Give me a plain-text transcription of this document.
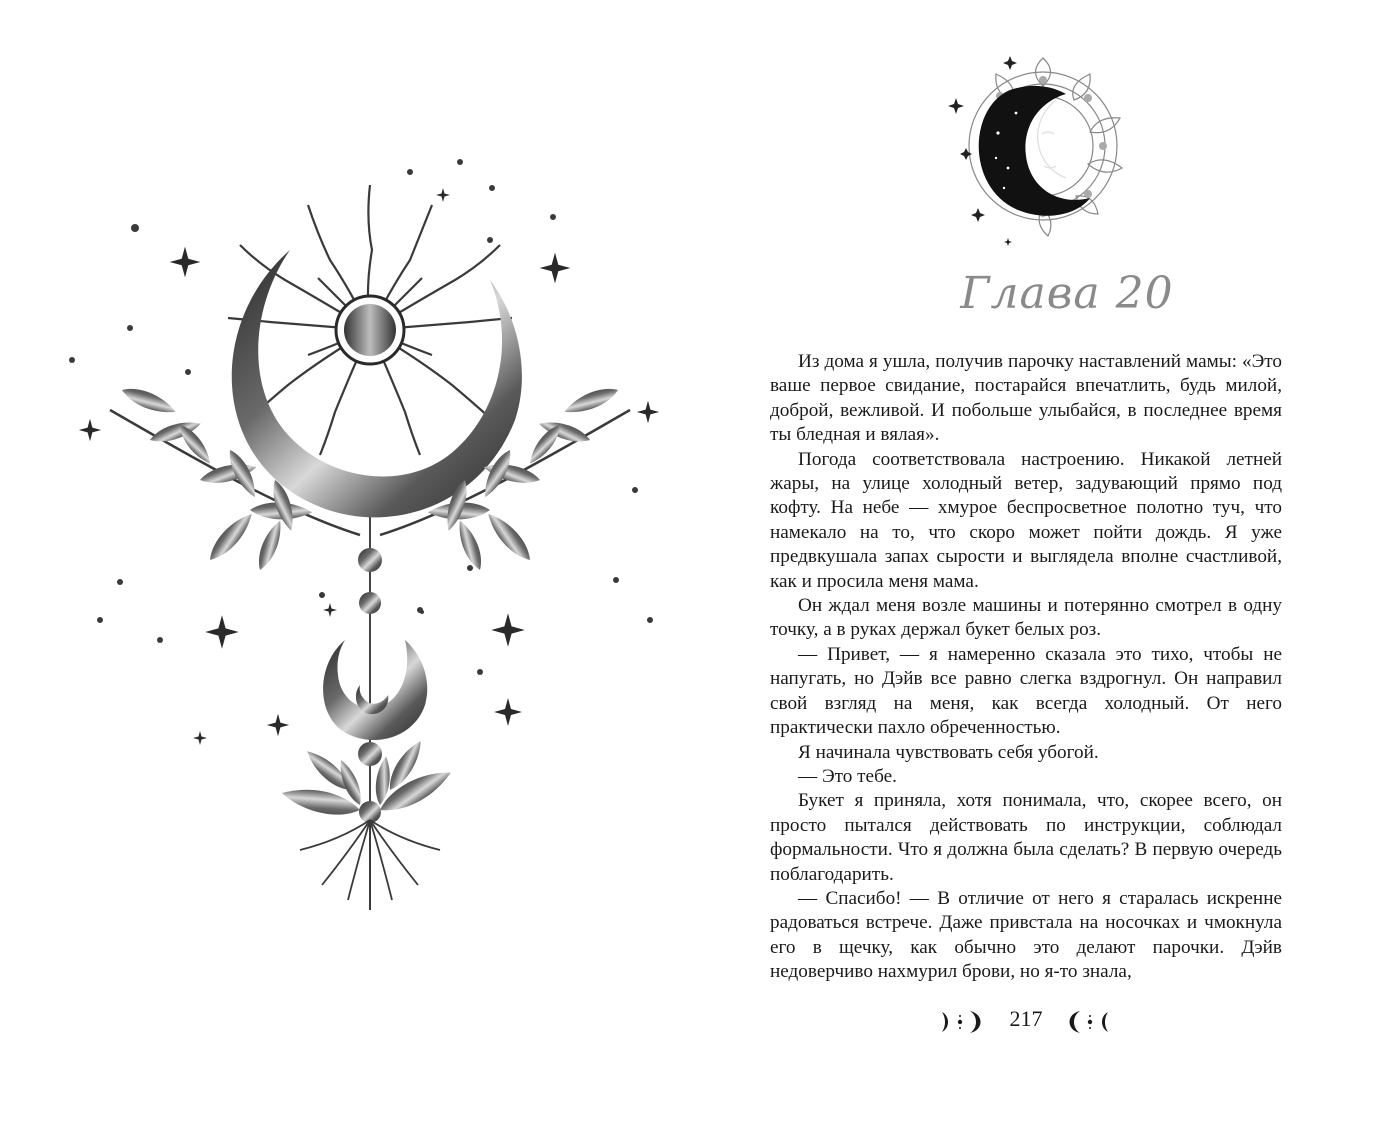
Глава 20

Из дома я ушла, получив парочку наставлений мамы: «Это ваше первое свидание, постарайся впечатлить, будь милой, доброй, вежливой. И побольше улыбайся, в последнее время ты бледная и вялая».

Погода соответствовала настроению. Никакой летней жары, на улице холодный ветер, задувающий прямо под кофту. На небе — хмурое беспросветное полотно туч, что намекало на то, что скоро может пойти дождь. Я уже предвкушала запах сырости и выглядела вполне счастливой, как и просила меня мама.

Он ждал меня возле машины и потерянно смотрел в одну точку, а в руках держал букет белых роз.

— Привет, — я намеренно сказала это тихо, чтобы не напугать, но Дэйв все равно слегка вздрогнул. Он направил свой взгляд на меня, как всегда холодный. От него практически пахло обреченностью.

Я начинала чувствовать себя убогой.

— Это тебе.

Букет я приняла, хотя понимала, что, скорее всего, он просто пытался действовать по инструкции, соблюдал формальности. Что я должна была сделать? В первую очередь поблагодарить.

— Спасибо! — В отличие от него я старалась искренне радоваться встрече. Даже привстала на носочках и чмокнула его в щечку, как обычно это делают парочки. Дэйв недоверчиво нахмурил брови, но я-то знала,

217
